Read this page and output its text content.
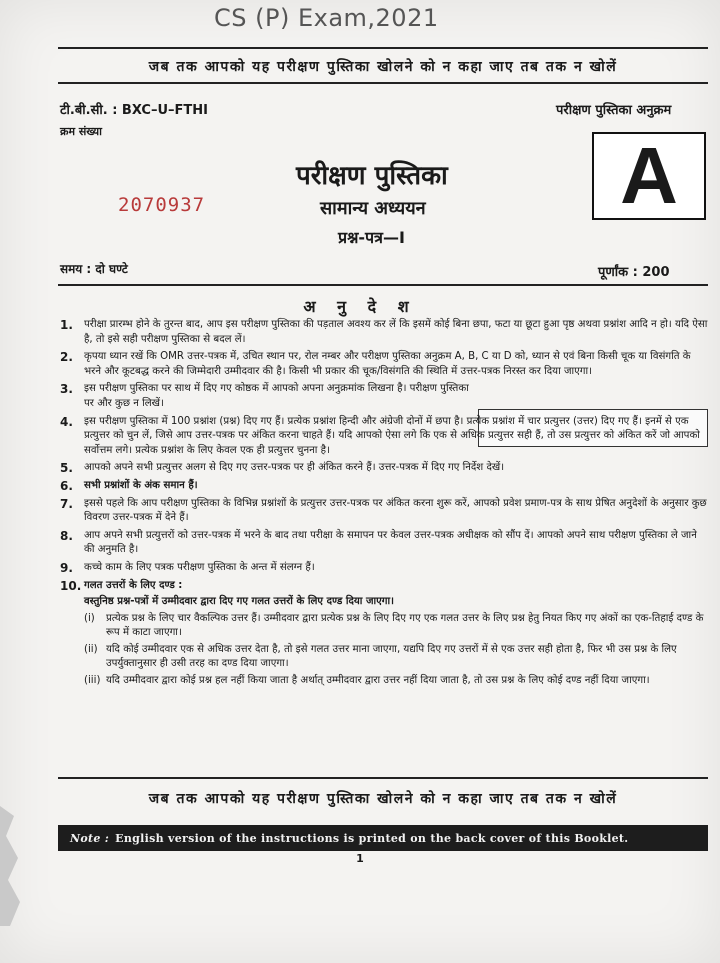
CS (P) Exam,2021
जब तक आपको यह परीक्षण पुस्तिका खोलने को न कहा जाए तब तक न खोलें
टी.बी.सी. : BXC–U–FTHI
क्रम संख्या
2070937
परीक्षण पुस्तिका अनुक्रम
A
परीक्षण पुस्तिका
सामान्य अध्ययन
प्रश्न-पत्र—I
समय : दो घण्टे	पूर्णांक : 200
अ नु दे श
1. परीक्षा प्रारम्भ होने के तुरन्त बाद, आप इस परीक्षण पुस्तिका की पड़ताल अवश्य कर लें कि इसमें कोई बिना छपा, फटा या छूटा हुआ पृष्ठ अथवा प्रश्नांश आदि न हो। यदि ऐसा है, तो इसे सही परीक्षण पुस्तिका से बदल लें।
2. कृपया ध्यान रखें कि OMR उत्तर-पत्रक में, उचित स्थान पर, रोल नम्बर और परीक्षण पुस्तिका अनुक्रम A, B, C या D को, ध्यान से एवं बिना किसी चूक या विसंगति के भरने और कूटबद्ध करने की जिम्मेदारी उम्मीदवार की है। किसी भी प्रकार की चूक/विसंगति की स्थिति में उत्तर-पत्रक निरस्त कर दिया जाएगा।
3. इस परीक्षण पुस्तिका पर साथ में दिए गए कोष्ठक में आपको अपना अनुक्रमांक लिखना है। परीक्षण पुस्तिका पर और कुछ न लिखें।
4. इस परीक्षण पुस्तिका में 100 प्रश्नांश (प्रश्न) दिए गए हैं। प्रत्येक प्रश्नांश हिन्दी और अंग्रेजी दोनों में छपा है। प्रत्येक प्रश्नांश में चार प्रत्युत्तर (उत्तर) दिए गए हैं। इनमें से एक प्रत्युत्तर को चुन लें, जिसे आप उत्तर-पत्रक पर अंकित करना चाहते हैं। यदि आपको ऐसा लगे कि एक से अधिक प्रत्युत्तर सही हैं, तो उस प्रत्युत्तर को अंकित करें जो आपको सर्वोत्तम लगे। प्रत्येक प्रश्नांश के लिए केवल एक ही प्रत्युत्तर चुनना है।
5. आपको अपने सभी प्रत्युत्तर अलग से दिए गए उत्तर-पत्रक पर ही अंकित करने हैं। उत्तर-पत्रक में दिए गए निर्देश देखें।
6. सभी प्रश्नांशों के अंक समान हैं।
7. इससे पहले कि आप परीक्षण पुस्तिका के विभिन्न प्रश्नांशों के प्रत्युत्तर उत्तर-पत्रक पर अंकित करना शुरू करें, आपको प्रवेश प्रमाण-पत्र के साथ प्रेषित अनुदेशों के अनुसार कुछ विवरण उत्तर-पत्रक में देने हैं।
8. आप अपने सभी प्रत्युत्तरों को उत्तर-पत्रक में भरने के बाद तथा परीक्षा के समापन पर केवल उत्तर-पत्रक अधीक्षक को सौंप दें। आपको अपने साथ परीक्षण पुस्तिका ले जाने की अनुमति है।
9. कच्चे काम के लिए पत्रक परीक्षण पुस्तिका के अन्त में संलग्न हैं।
10. गलत उत्तरों के लिए दण्ड :
वस्तुनिष्ठ प्रश्न-पत्रों में उम्मीदवार द्वारा दिए गए गलत उत्तरों के लिए दण्ड दिया जाएगा।
(i) प्रत्येक प्रश्न के लिए चार वैकल्पिक उत्तर हैं। उम्मीदवार द्वारा प्रत्येक प्रश्न के लिए दिए गए एक गलत उत्तर के लिए प्रश्न हेतु नियत किए गए अंकों का एक-तिहाई दण्ड के रूप में काटा जाएगा।
(ii) यदि कोई उम्मीदवार एक से अधिक उत्तर देता है, तो इसे गलत उत्तर माना जाएगा, यद्यपि दिए गए उत्तरों में से एक उत्तर सही होता है, फिर भी उस प्रश्न के लिए उपर्युक्तानुसार ही उसी तरह का दण्ड दिया जाएगा।
(iii) यदि उम्मीदवार द्वारा कोई प्रश्न हल नहीं किया जाता है अर्थात् उम्मीदवार द्वारा उत्तर नहीं दिया जाता है, तो उस प्रश्न के लिए कोई दण्ड नहीं दिया जाएगा।
जब तक आपको यह परीक्षण पुस्तिका खोलने को न कहा जाए तब तक न खोलें
Note : English version of the instructions is printed on the back cover of this Booklet.
1
